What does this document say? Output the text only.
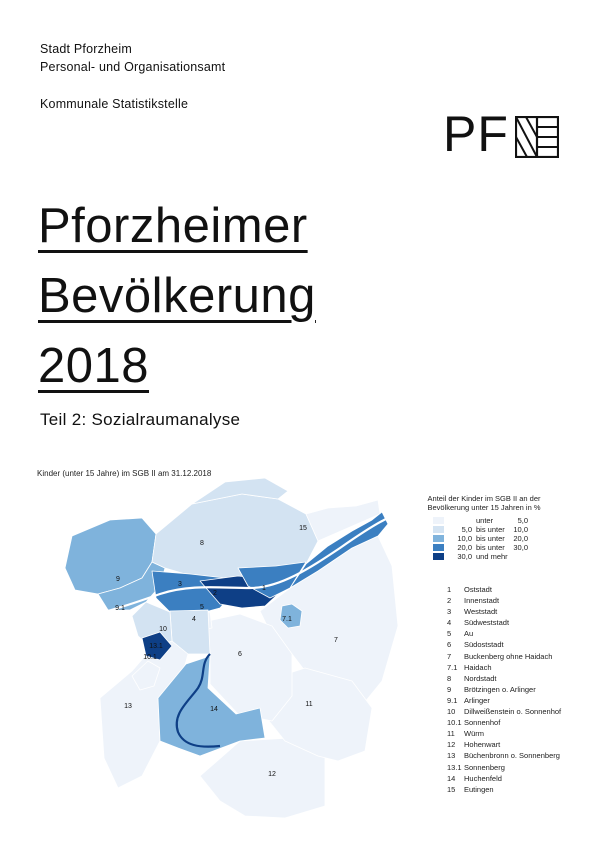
Stadt Pforzheim
Personal- und Organisationsamt
Kommunale Statistikstelle
PF
Pforzheimer
Bevölkerung
2018
Teil 2: Sozialraumanalyse
Kinder (unter 15 Jahre) im SGB II am 31.12.2018
1
2
3
4
5
6
7
7.1
8
9
9.1
10
10.1
11
12
13
13.1
14
15
Anteil der Kinder im SGB II an der Bevölkerung unter 15 Jahren in %
unter	5,0
5,0 bis unter	10,0
10,0 bis unter	20,0
20,0 bis unter	30,0
30,0 und mehr
1 Oststadt
2 Innenstadt
3 Weststadt
4 Südweststadt
5 Au
6 Südoststadt
7 Buckenberg ohne Haidach
7.1 Haidach
8 Nordstadt
9 Brötzingen o. Arlinger
9.1 Arlinger
10 Dillweißenstein o. Sonnenhof
10.1 Sonnenhof
11 Würm
12 Hohenwart
13 Büchenbronn o. Sonnenberg
13.1 Sonnenberg
14 Huchenfeld
15 Eutingen
